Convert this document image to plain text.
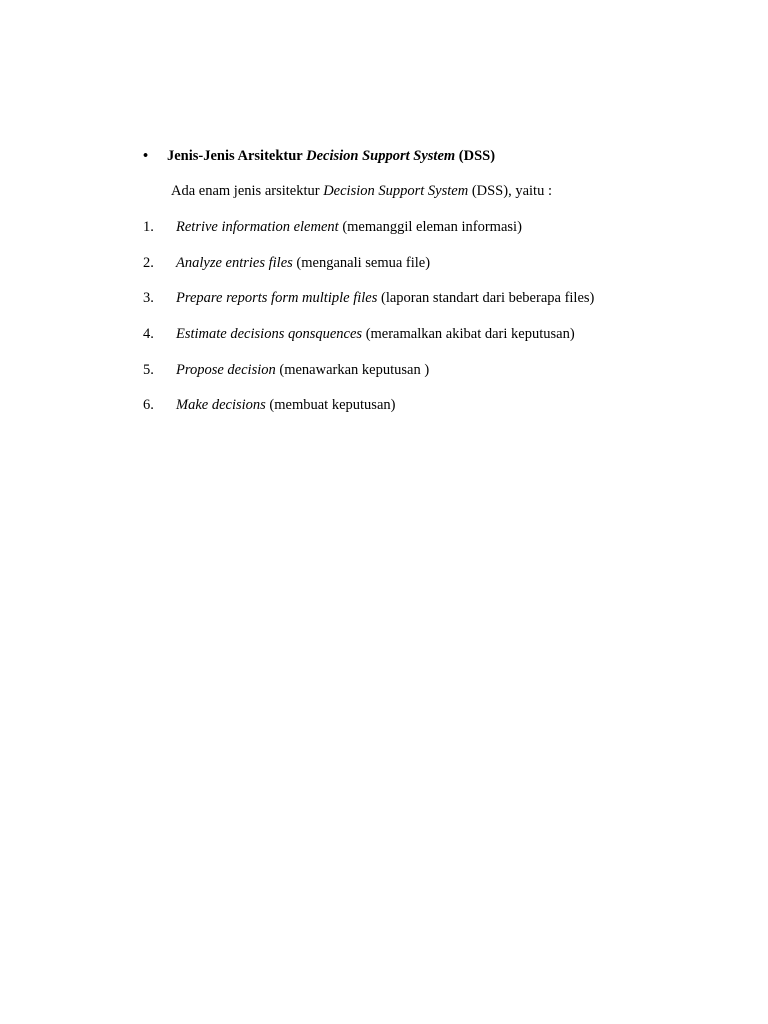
• Jenis-Jenis Arsitektur Decision Support System (DSS)
Ada enam jenis arsitektur Decision Support System (DSS), yaitu :
1. Retrive information element (memanggil eleman informasi)
2. Analyze entries files (menganali semua file)
3. Prepare reports form multiple files (laporan standart dari beberapa files)
4. Estimate decisions qonsquences (meramalkan akibat dari keputusan)
5. Propose decision (menawarkan keputusan )
6. Make decisions (membuat keputusan)
